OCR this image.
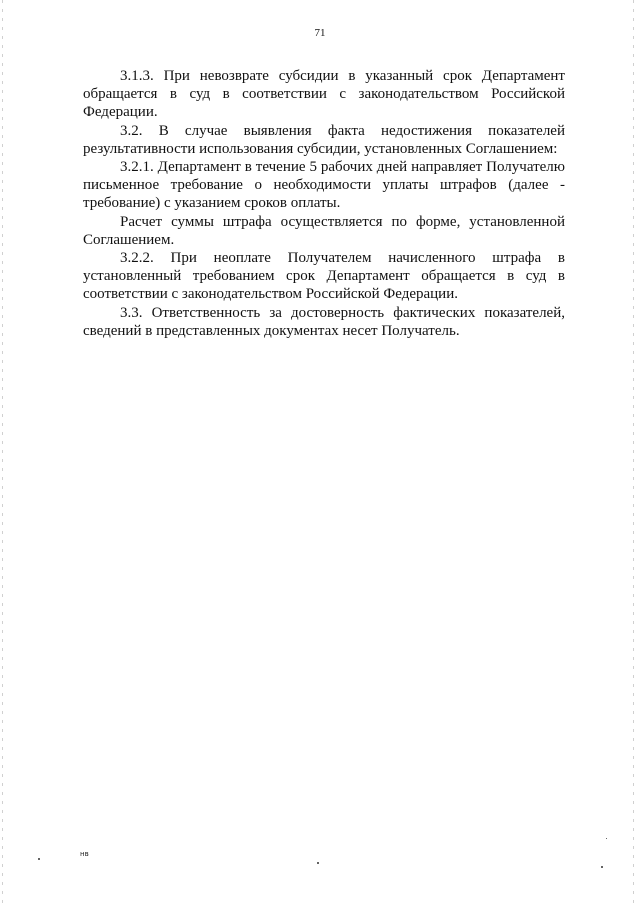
71

3.1.3. При невозврате субсидии в указанный срок Департамент обращается в суд в соответствии с законодательством Российской Федерации.

3.2. В случае выявления факта недостижения показателей результативности использования субсидии, установленных Соглашением:

3.2.1. Департамент в течение 5 рабочих дней направляет Получателю письменное требование о необходимости уплаты штрафов (далее - требование) с указанием сроков оплаты.

Расчет суммы штрафа осуществляется по форме, установленной Соглашением.

3.2.2. При неоплате Получателем начисленного штрафа в установленный требованием срок Департамент обращается в суд в соответствии с законодательством Российской Федерации.

3.3. Ответственность за достоверность фактических показателей, сведений в представленных документах несет Получатель.

нв
